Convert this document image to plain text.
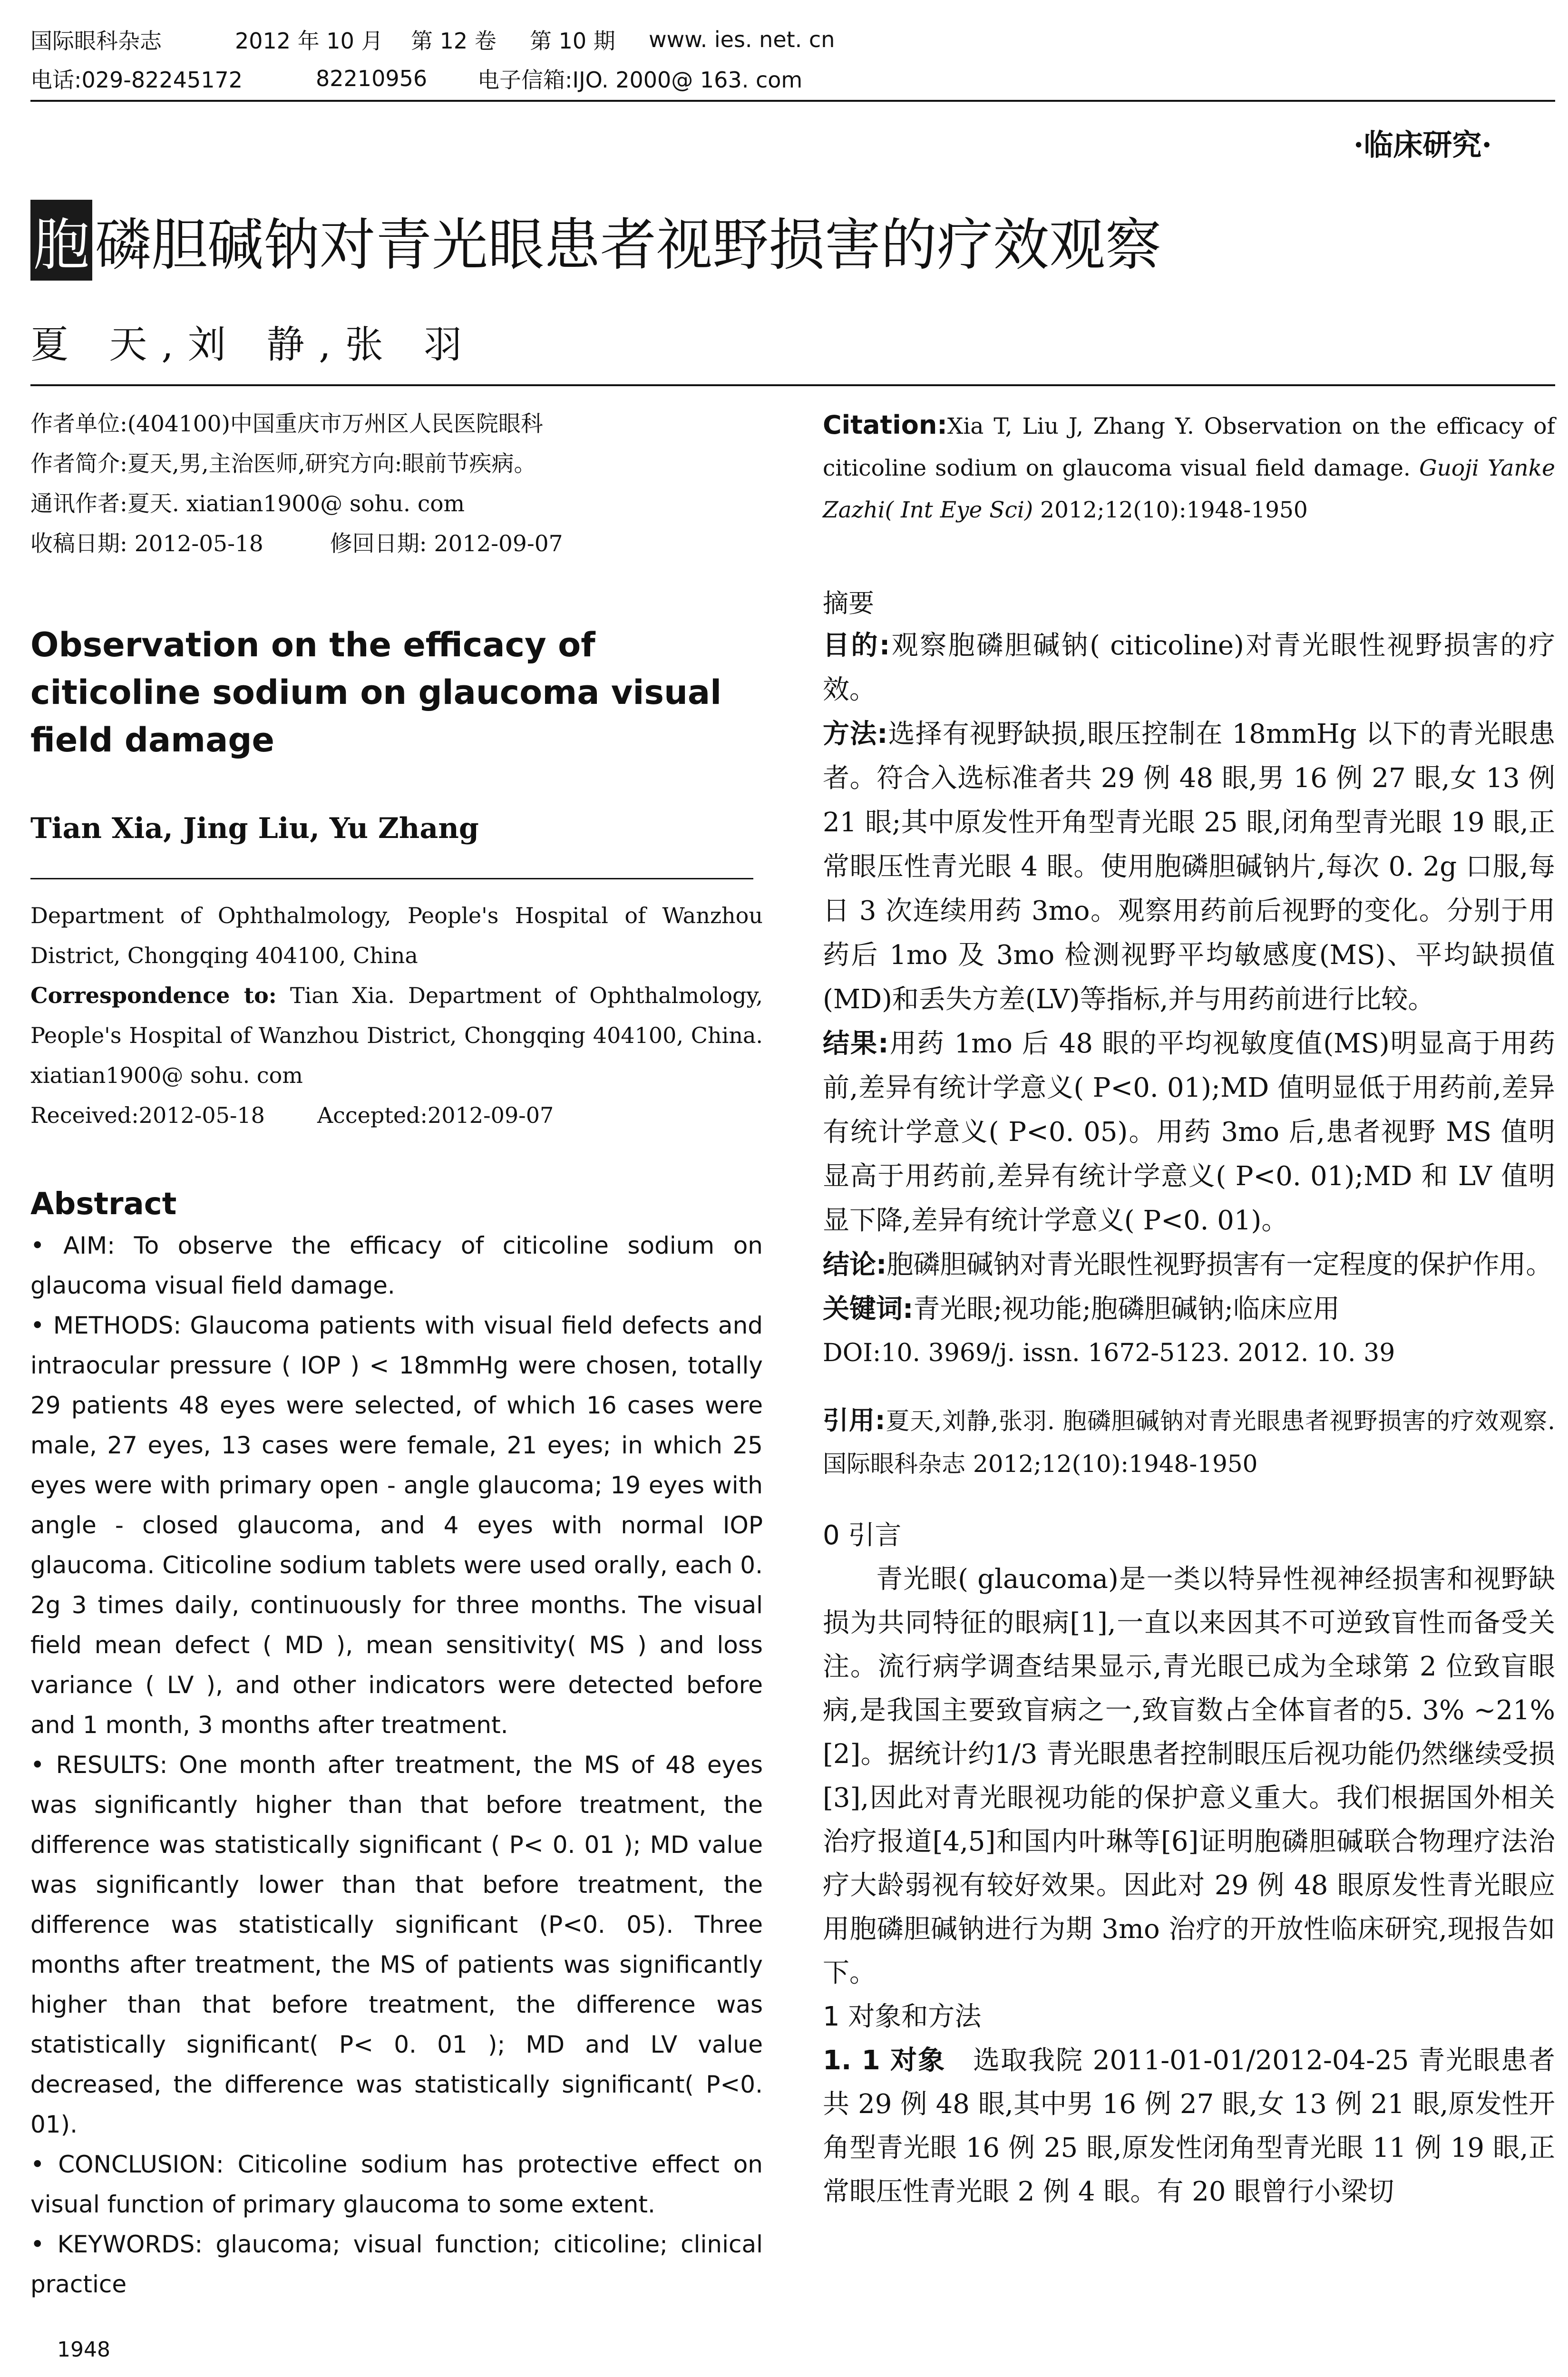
国际眼科杂志	2012 年 10 月	第 12 卷	第 10 期	www. ies. net. cn
电话:029-82245172	82210956	电子信箱:IJO. 2000@ 163. com
·临床研究·
胞 磷胆碱钠对青光眼患者视野损害的疗效观察
夏 天,刘 静,张 羽

作者单位:(404100)中国重庆市万州区人民医院眼科

作者简介:夏天,男,主治医师,研究方向:眼前节疾病。

通讯作者:夏天. xiatian1900@ sohu. com

收稿日期: 2012-05-18	修回日期: 2012-09-07

Observation on the efficacy of citicoline sodium on glaucoma visual field damage
Tian Xia, Jing Liu, Yu Zhang
Department of Ophthalmology, People's Hospital of Wanzhou District, Chongqing 404100, China
Correspondence to: Tian Xia. Department of Ophthalmology, People's Hospital of Wanzhou District, Chongqing 404100, China. xiatian1900@ sohu. com
Received:2012-05-18 Accepted:2012-09-07
Abstract

• AIM: To observe the efficacy of citicoline sodium on glaucoma visual field damage.

• METHODS: Glaucoma patients with visual field defects and intraocular pressure ( IOP ) < 18mmHg were chosen, totally 29 patients 48 eyes were selected, of which 16 cases were male, 27 eyes, 13 cases were female, 21 eyes; in which 25 eyes were with primary open - angle glaucoma; 19 eyes with angle - closed glaucoma, and 4 eyes with normal IOP glaucoma. Citicoline sodium tablets were used orally, each 0. 2g 3 times daily, continuously for three months. The visual field mean defect ( MD ), mean sensitivity( MS ) and loss variance ( LV ), and other indicators were detected before and 1 month, 3 months after treatment.

• RESULTS: One month after treatment, the MS of 48 eyes was significantly higher than that before treatment, the difference was statistically significant ( P< 0. 01 ); MD value was significantly lower than that before treatment, the difference was statistically significant (P<0. 05). Three months after treatment, the MS of patients was significantly higher than that before treatment, the difference was statistically significant( P< 0. 01 ); MD and LV value decreased, the difference was statistically significant( P<0. 01).

• CONCLUSION: Citicoline sodium has protective effect on visual function of primary glaucoma to some extent.

• KEYWORDS: glaucoma; visual function; citicoline; clinical practice

Citation:Xia T, Liu J, Zhang Y. Observation on the efficacy of citicoline sodium on glaucoma visual field damage. Guoji Yanke Zazhi( Int Eye Sci) 2012;12(10):1948-1950
摘要

目的:观察胞磷胆碱钠( citicoline)对青光眼性视野损害的疗效。

方法:选择有视野缺损,眼压控制在 18mmHg 以下的青光眼患者。符合入选标准者共 29 例 48 眼,男 16 例 27 眼,女 13 例 21 眼;其中原发性开角型青光眼 25 眼,闭角型青光眼 19 眼,正常眼压性青光眼 4 眼。使用胞磷胆碱钠片,每次 0. 2g 口服,每日 3 次连续用药 3mo。观察用药前后视野的变化。分别于用药后 1mo 及 3mo 检测视野平均敏感度(MS)、平均缺损值(MD)和丢失方差(LV)等指标,并与用药前进行比较。

结果:用药 1mo 后 48 眼的平均视敏度值(MS)明显高于用药前,差异有统计学意义( P<0. 01);MD 值明显低于用药前,差异有统计学意义( P<0. 05)。用药 3mo 后,患者视野 MS 值明显高于用药前,差异有统计学意义( P<0. 01);MD 和 LV 值明显下降,差异有统计学意义( P<0. 01)。

结论:胞磷胆碱钠对青光眼性视野损害有一定程度的保护作用。

关键词:青光眼;视功能;胞磷胆碱钠;临床应用

DOI:10. 3969/j. issn. 1672-5123. 2012. 10. 39

引用:夏天,刘静,张羽. 胞磷胆碱钠对青光眼患者视野损害的疗效观察. 国际眼科杂志 2012;12(10):1948-1950
0 引言

青光眼( glaucoma)是一类以特异性视神经损害和视野缺损为共同特征的眼病[1],一直以来因其不可逆致盲性而备受关注。流行病学调查结果显示,青光眼已成为全球第 2 位致盲眼病,是我国主要致盲病之一,致盲数占全体盲者的5. 3% ~21% [2]。据统计约1/3 青光眼患者控制眼压后视功能仍然继续受损[3],因此对青光眼视功能的保护意义重大。我们根据国外相关治疗报道[4,5]和国内叶琳等[6]证明胞磷胆碱联合物理疗法治疗大龄弱视有较好效果。因此对 29 例 48 眼原发性青光眼应用胞磷胆碱钠进行为期 3mo 治疗的开放性临床研究,现报告如下。

1 对象和方法

1. 1 对象 选取我院 2011-01-01/2012-04-25 青光眼患者共 29 例 48 眼,其中男 16 例 27 眼,女 13 例 21 眼,原发性开角型青光眼 16 例 25 眼,原发性闭角型青光眼 11 例 19 眼,正常眼压性青光眼 2 例 4 眼。有 20 眼曾行小梁切

1948
